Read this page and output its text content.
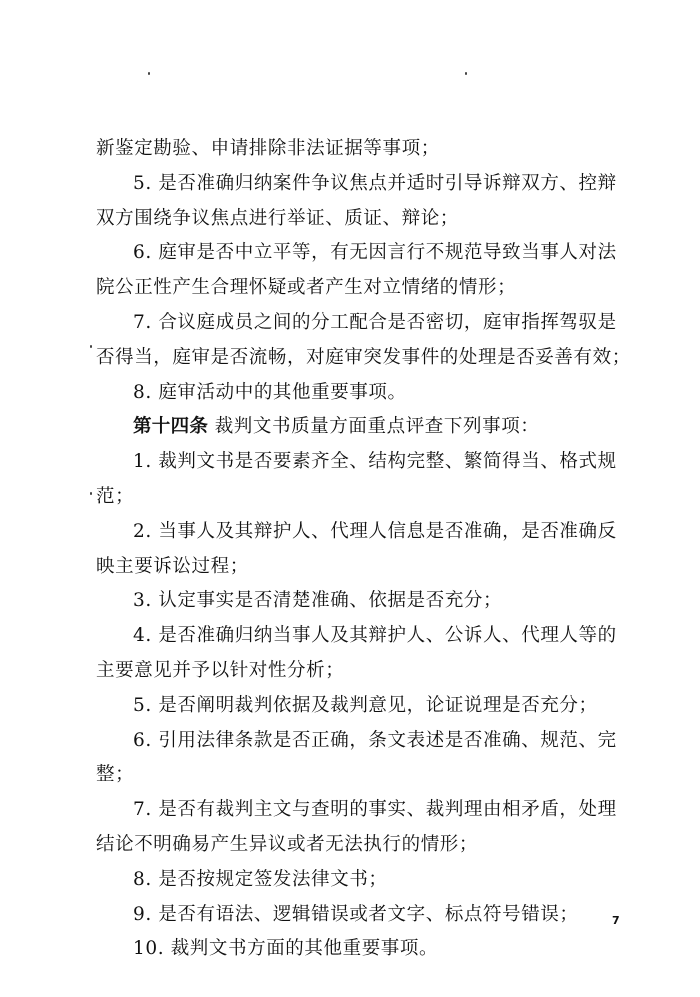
新鉴定勘验、申请排除非法证据等事项；
5. 是否准确归纳案件争议焦点并适时引导诉辩双方、控辩
双方围绕争议焦点进行举证、质证、辩论；
6. 庭审是否中立平等，有无因言行不规范导致当事人对法
院公正性产生合理怀疑或者产生对立情绪的情形；
7. 合议庭成员之间的分工配合是否密切，庭审指挥驾驭是
否得当，庭审是否流畅，对庭审突发事件的处理是否妥善有效；
8. 庭审活动中的其他重要事项。
第十四条 裁判文书质量方面重点评查下列事项：
1. 裁判文书是否要素齐全、结构完整、繁简得当、格式规
范；
2. 当事人及其辩护人、代理人信息是否准确，是否准确反
映主要诉讼过程；
3. 认定事实是否清楚准确、依据是否充分；
4. 是否准确归纳当事人及其辩护人、公诉人、代理人等的
主要意见并予以针对性分析；
5. 是否阐明裁判依据及裁判意见，论证说理是否充分；
6. 引用法律条款是否正确，条文表述是否准确、规范、完
整；
7. 是否有裁判主文与查明的事实、裁判理由相矛盾，处理
结论不明确易产生异议或者无法执行的情形；
8. 是否按规定签发法律文书；
9. 是否有语法、逻辑错误或者文字、标点符号错误；
10. 裁判文书方面的其他重要事项。
7
